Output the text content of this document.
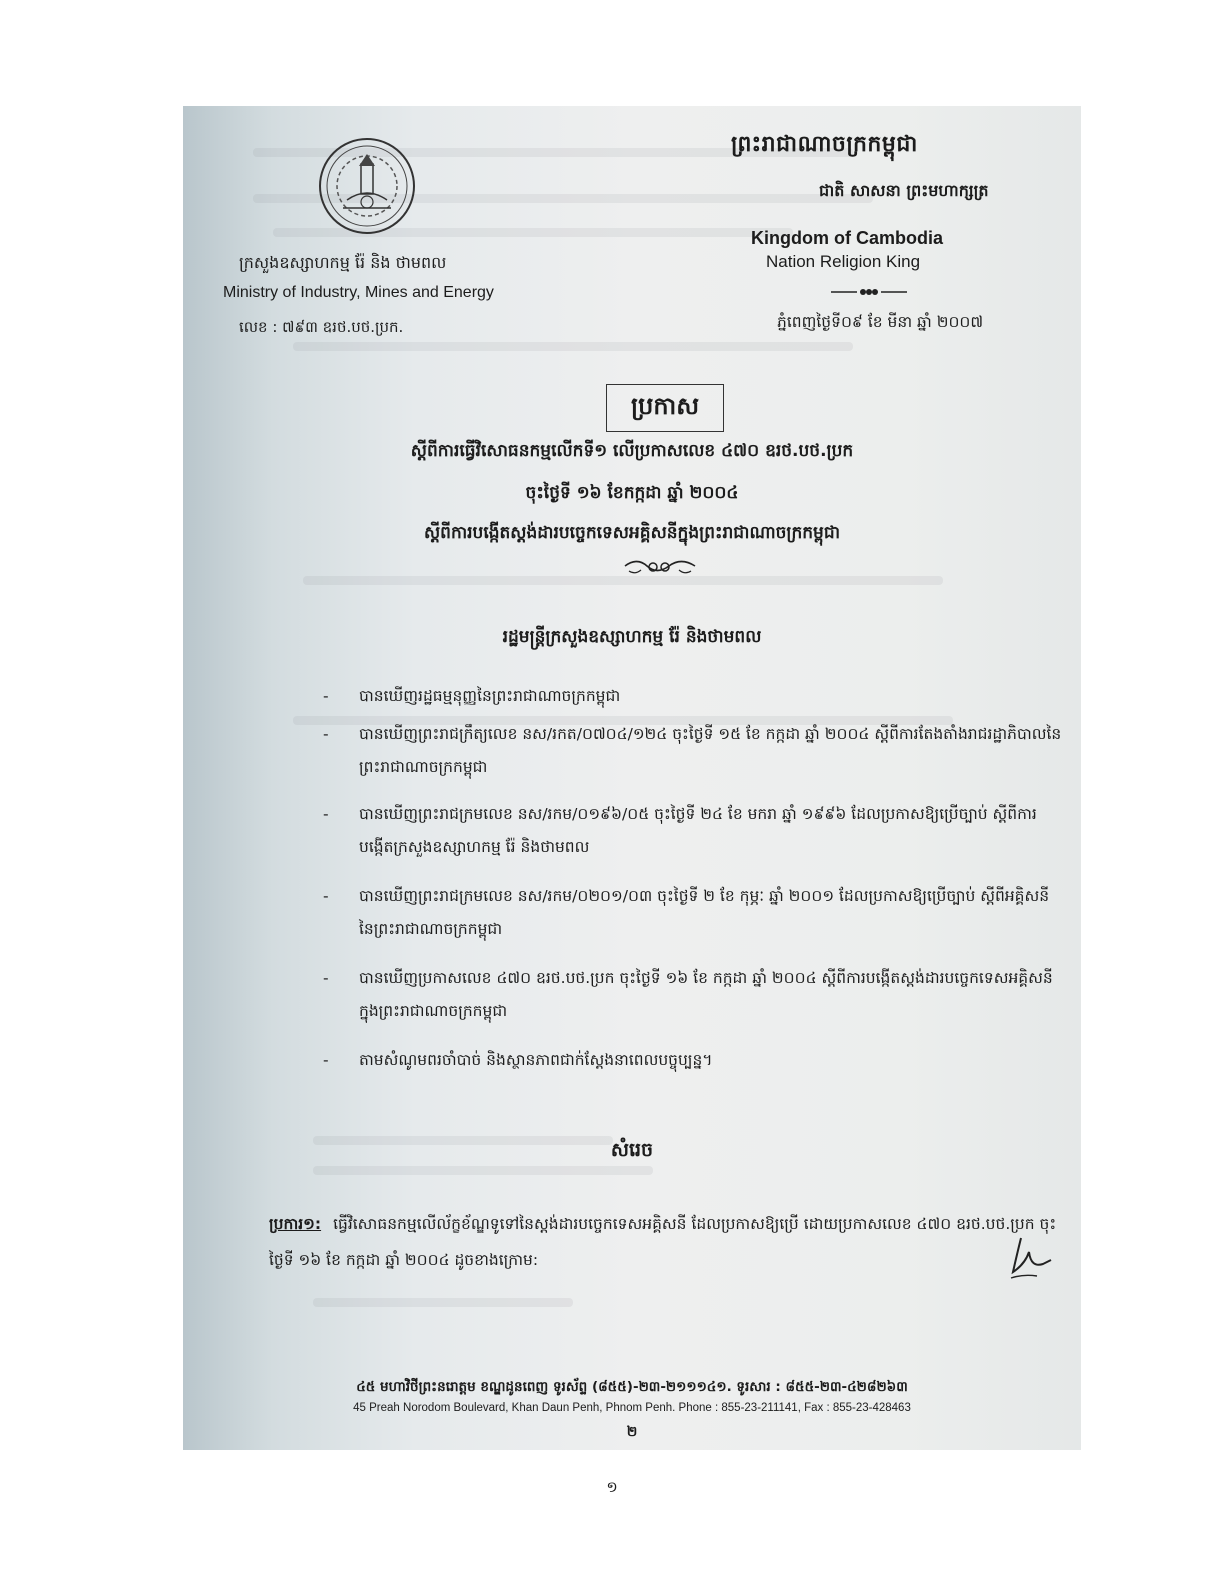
ព្រះរាជាណាចក្រកម្ពុជា
ជាតិ សាសនា ព្រះមហាក្សត្រ
Kingdom of Cambodia
Nation Religion King
ក្រសួងឧស្សាហកម្ម រ៉ែ និង ថាមពល
Ministry of Industry, Mines and Energy
លេខ : ៧៩៣ ឧរថ.បថ.ប្រក.	ភ្នំពេញថ្ងៃទី០៩ ខែ មីនា ឆ្នាំ ២០០៧
ប្រកាស
ស្តីពីការធ្វើវិសោធនកម្មលើកទី១ លើប្រកាសលេខ ៤៧០ ឧរថ.បថ.ប្រក
ចុះថ្ងៃទី ១៦ ខែកក្កដា ឆ្នាំ ២០០៤
ស្តីពីការបង្កើតស្តង់ដារបច្ចេកទេសអគ្គិសនីក្នុងព្រះរាជាណាចក្រកម្ពុជា
រដ្ឋមន្ត្រីក្រសួងឧស្សាហកម្ម រ៉ែ និងថាមពល
- បានឃើញរដ្ឋធម្មនុញ្ញនៃព្រះរាជាណាចក្រកម្ពុជា
- បានឃើញព្រះរាជក្រឹត្យលេខ នស/រកត/០៧០៤/១២៤ ចុះថ្ងៃទី ១៥ ខែ កក្កដា ឆ្នាំ ២០០៤ ស្តីពីការតែងតាំងរាជរដ្ឋាភិបាលនៃព្រះរាជាណាចក្រកម្ពុជា
- បានឃើញព្រះរាជក្រមលេខ នស/រកម/០១៩៦/០៥ ចុះថ្ងៃទី ២៤ ខែ មករា ឆ្នាំ ១៩៩៦ ដែលប្រកាសឱ្យប្រើច្បាប់ ស្តីពីការបង្កើតក្រសួងឧស្សាហកម្ម រ៉ែ និងថាមពល
- បានឃើញព្រះរាជក្រមលេខ នស/រកម/០២០១/០៣ ចុះថ្ងៃទី ២ ខែ កុម្ភៈ ឆ្នាំ ២០០១ ដែលប្រកាសឱ្យប្រើច្បាប់ ស្តីពីអគ្គិសនីនៃព្រះរាជាណាចក្រកម្ពុជា
- បានឃើញប្រកាសលេខ ៤៧០ ឧរថ.បថ.ប្រក ចុះថ្ងៃទី ១៦ ខែ កក្កដា ឆ្នាំ ២០០៤ ស្តីពីការបង្កើតស្តង់ដារបច្ចេកទេសអគ្គិសនីក្នុងព្រះរាជាណាចក្រកម្ពុជា
- តាមសំណូមពរចាំបាច់ និងស្ថានភាពជាក់ស្តែងនាពេលបច្ចុប្បន្ន។
សំរេច
ប្រការ១: ធ្វើវិសោធនកម្មលើល័ក្ខខ័ណ្ឌទូទៅនៃស្តង់ដារបច្ចេកទេសអគ្គិសនី ដែលប្រកាសឱ្យប្រើ ដោយប្រកាសលេខ ៤៧០ ឧរថ.បថ.ប្រក ចុះថ្ងៃទី ១៦ ខែ កក្កដា ឆ្នាំ ២០០៤ ដូចខាងក្រោម:
៤៥ មហាវិថីព្រះនរោត្តម ខណ្ឌដូនពេញ ទូរស័ព្ទ (៨៥៥)-២៣-២១១១៤១. ទូរសារ : ៨៥៥-២៣-៤២៨២៦៣
45 Preah Norodom Boulevard, Khan Daun Penh, Phnom Penh. Phone : 855-23-211141, Fax : 855-23-428463
២
១
